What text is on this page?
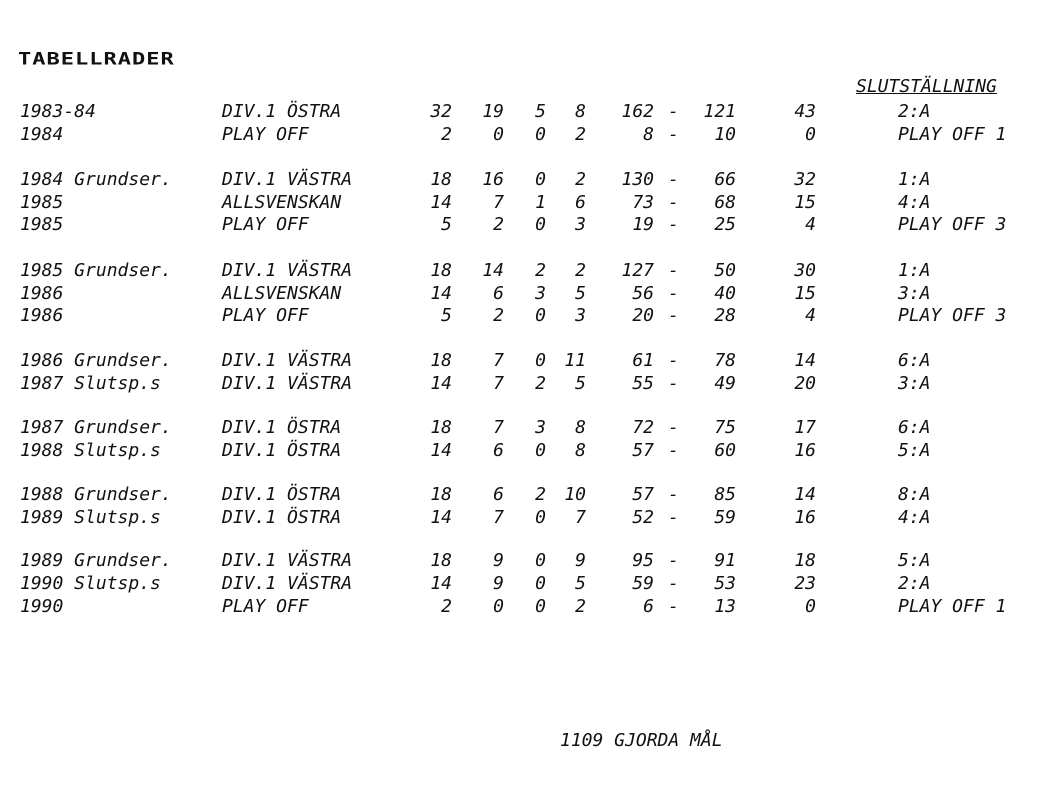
TABELLRADER
SLUTSTÄLLNING
1983-84	DIV.1 ÖSTRA	32	19	5	8	162 -	121	43	2:A
1984	PLAY OFF	2	0	0	2	8 -	10	0	PLAY OFF 1
1984 Grundser.	DIV.1 VÄSTRA	18	16	0	2	130 -	66	32	1:A
1985	ALLSVENSKAN	14	7	1	6	73 -	68	15	4:A
1985	PLAY OFF	5	2	0	3	19 -	25	4	PLAY OFF 3
1985 Grundser.	DIV.1 VÄSTRA	18	14	2	2	127 -	50	30	1:A
1986	ALLSVENSKAN	14	6	3	5	56 -	40	15	3:A
1986	PLAY OFF	5	2	0	3	20 -	28	4	PLAY OFF 3
1986 Grundser.	DIV.1 VÄSTRA	18	7	0	11	61 -	78	14	6:A
1987 Slutsp.s	DIV.1 VÄSTRA	14	7	2	5	55 -	49	20	3:A
1987 Grundser.	DIV.1 ÖSTRA	18	7	3	8	72 -	75	17	6:A
1988 Slutsp.s	DIV.1 ÖSTRA	14	6	0	8	57 -	60	16	5:A
1988 Grundser.	DIV.1 ÖSTRA	18	6	2	10	57 -	85	14	8:A
1989 Slutsp.s	DIV.1 ÖSTRA	14	7	0	7	52 -	59	16	4:A
1989 Grundser.	DIV.1 VÄSTRA	18	9	0	9	95 -	91	18	5:A
1990 Slutsp.s	DIV.1 VÄSTRA	14	9	0	5	59 -	53	23	2:A
1990	PLAY OFF	2	0	0	2	6 -	13	0	PLAY OFF 1
1109 GJORDA MÅL
